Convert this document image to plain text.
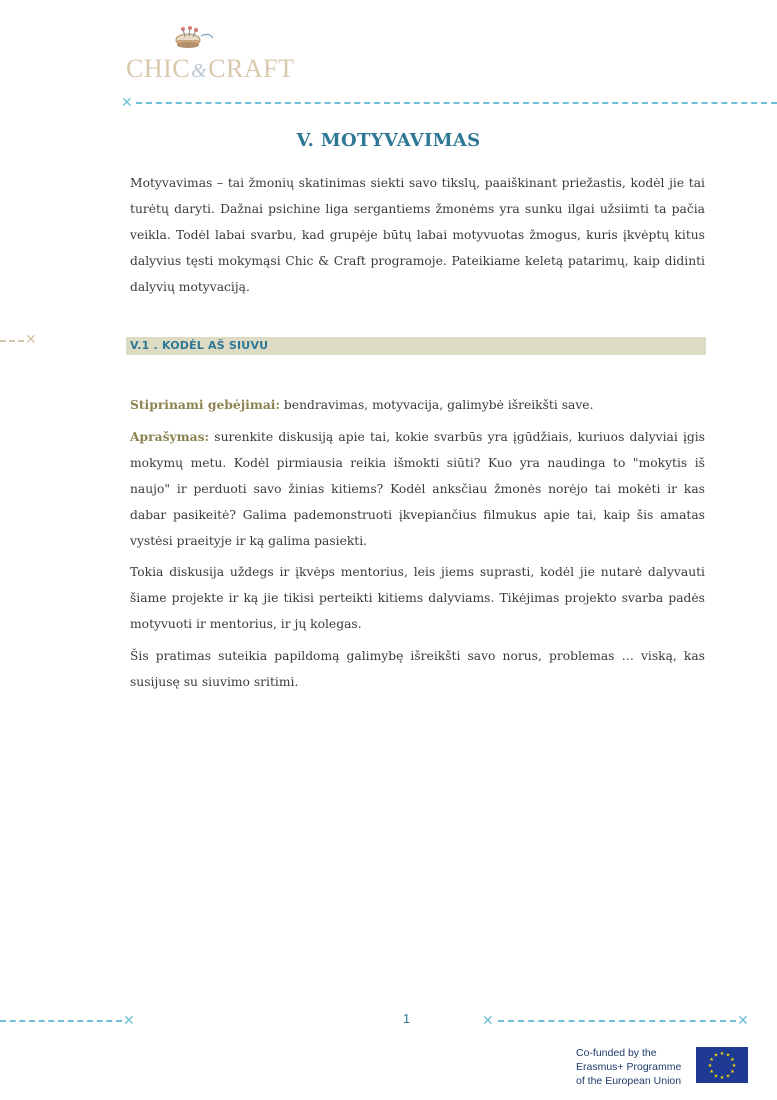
CHIC&CRAFT
✕
V. MOTYVAVIMAS

Motyvavimas – tai žmonių skatinimas siekti savo tikslų, paaiškinant priežastis, kodėl jie tai turėtų daryti. Dažnai psichine liga sergantiems žmonėms yra sunku ilgai užsiimti ta pačia veikla. Todėl labai svarbu, kad grupėje būtų labai motyvuotas žmogus, kuris įkvėptų kitus dalyvius tęsti mokymąsi Chic & Craft programoje. Pateikiame keletą patarimų, kaip didinti dalyvių motyvaciją.

✕	V.1 . KODĖL AŠ SIUVU

Stiprinami gebėjimai: bendravimas, motyvacija, galimybė išreikšti save.

Aprašymas: surenkite diskusiją apie tai, kokie svarbūs yra įgūdžiais, kuriuos dalyviai įgis mokymų metu. Kodėl pirmiausia reikia išmokti siūti? Kuo yra naudinga to "mokytis iš naujo" ir perduoti savo žinias kitiems? Kodėl anksčiau žmonės norėjo tai mokėti ir kas dabar pasikeitė? Galima pademonstruoti įkvepiančius filmukus apie tai, kaip šis amatas vystėsi praeityje ir ką galima pasiekti.

Tokia diskusija uždegs ir įkvėps mentorius, leis jiems suprasti, kodėl jie nutarė dalyvauti šiame projekte ir ką jie tikisi perteikti kitiems dalyviams. Tikėjimas projekto svarba padės motyvuoti ir mentorius, ir jų kolegas.

Šis pratimas suteikia papildomą galimybę išreikšti savo norus, problemas … viską, kas susijusę su siuvimo sritimi.

✕	✕	✕
1
Co-funded by the
Erasmus+ Programme
of the European Union
★ ★
★
★
★
★
★
★
★
★
★
★
